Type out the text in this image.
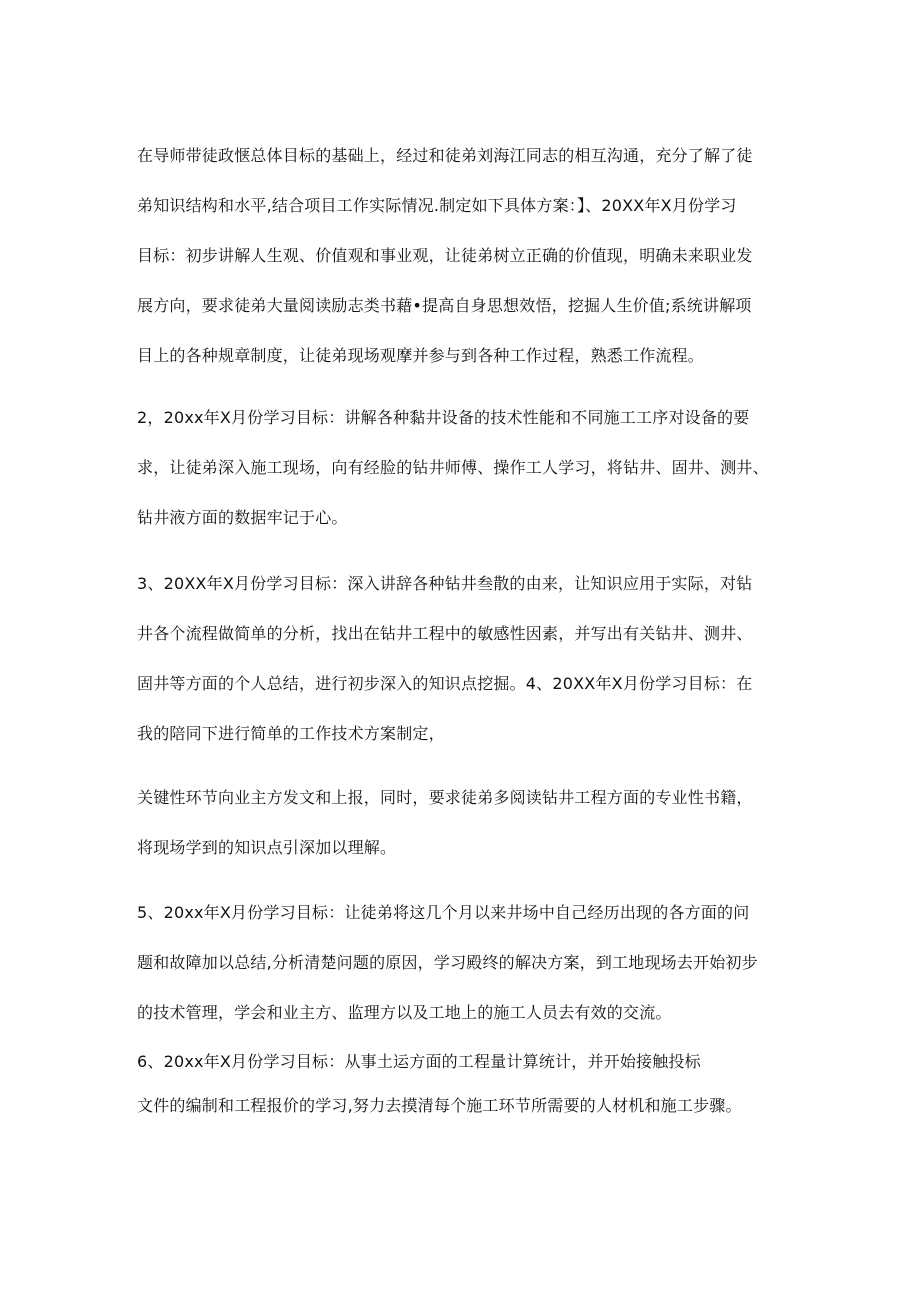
在导师带徒政惬总体目标的基础上，经过和徒弟刘海江同志的相互沟通，充分了解了徒
弟知识结构和水平,结合项目工作实际情况.制定如下具体方案：】、20XX年X月份学习
目标：初步讲解人生观、价值观和事业观，让徒弟树立正确的价值现，明确未来职业发
展方向，要求徒弟大量阅读励志类书藉•提高自身思想效悟，挖掘人生价值;系统讲解项
目上的各种规章制度，让徒弟现场观摩并参与到各种工作过程，熟悉工作流程。

2，20xx年X月份学习目标：讲解各种黏井设备的技术性能和不同施工工序对设备的要
求，让徒弟深入施工现场，向有经脸的钻井师傅、操作工人学习，将钻井、固井、测井、
钻井液方面的数据牢记于心。

3、20XX年X月份学习目标：深入讲辞各种钻井叁散的由来，让知识应用于实际，对钻
井各个流程做简单的分析，找出在钻井工程中的敏感性因素，并写出有关钻井、测井、
固井等方面的个人总结，进行初步深入的知识点挖掘。4、20XX年X月份学习目标：在
我的陪同下进行简单的工作技术方案制定，

关键性环节向业主方发文和上报，同时，要求徒弟多阅读钻井工程方面的专业性书籍，
将现场学到的知识点引深加以理解。

5、20xx年X月份学习目标：让徒弟将这几个月以来井场中自己经历出现的各方面的问
题和故障加以总结,分析清楚问题的原因，学习殿终的解决方案，到工地现场去开始初步
的技术管理，学会和业主方、监理方以及工地上的施工人员去有效的交流。

6、20xx年X月份学习目标：从事土运方面的工程量计算统计，并开始接触投标
文件的编制和工程报价的学习,努力去摸清每个施工环节所需要的人材机和施工步骤。
